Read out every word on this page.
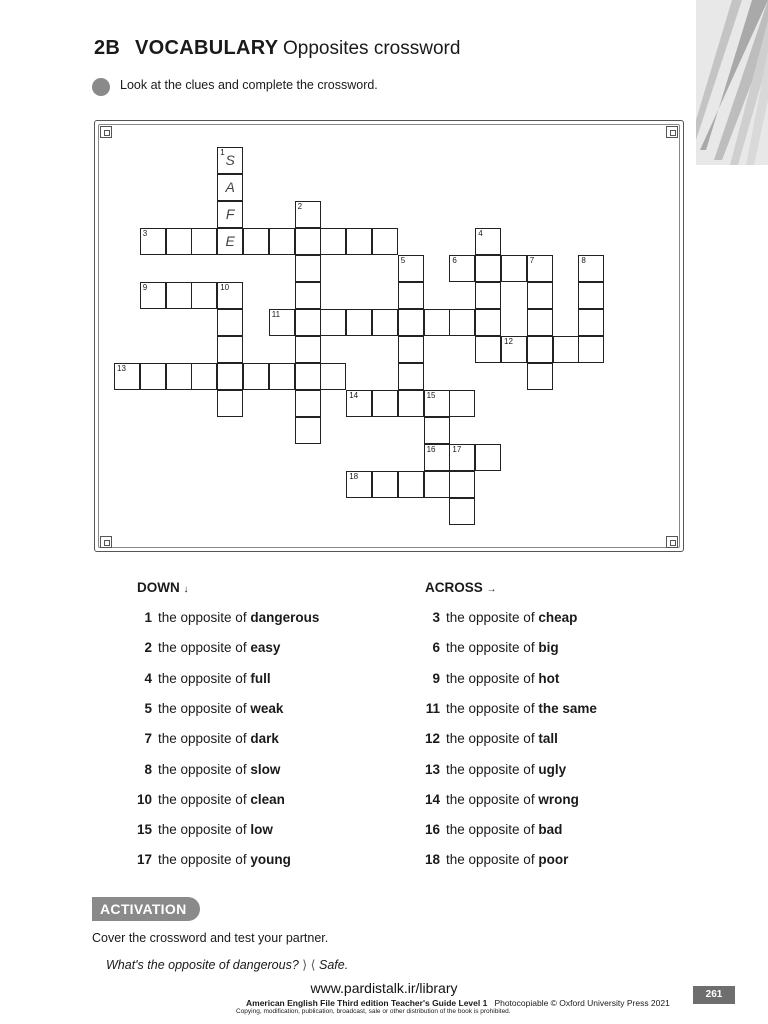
2B VOCABULARY Opposites crossword
Look at the clues and complete the crossword.
1 S
A
F
E
2
3	4
5	6	7	8
9	10
11
12
13
14	15
16 17
18
DOWN ↓	ACROSS →
1 the opposite of dangerous
2 the opposite of easy
4 the opposite of full
5 the opposite of weak
7 the opposite of dark
8 the opposite of slow
10 the opposite of clean
15 the opposite of low
17 the opposite of young
3 the opposite of cheap
6 the opposite of big
9 the opposite of hot
11 the opposite of the same
12 the opposite of tall
13 the opposite of ugly
14 the opposite of wrong
16 the opposite of bad
18 the opposite of poor
ACTIVATION
Cover the crossword and test your partner.
What's the opposite of dangerous? ⟩ ⟨ Safe.
www.pardistalk.ir/library
American English File Third edition Teacher's Guide Level 1 Photocopiable © Oxford University Press 2021
Copying, modification, publication, broadcast, sale or other distribution of the book is prohibited.
261
